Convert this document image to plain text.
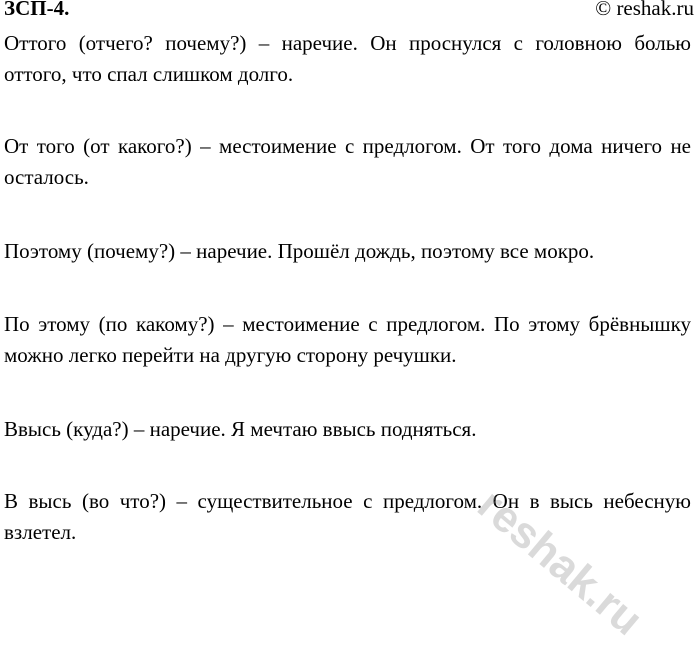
ЗСП-4.	© reshak.ru

Оттого (отчего? почему?) – наречие. Он проснулся с головною болью оттого, что спал слишком долго.

От того (от какого?) – местоимение с предлогом. От того дома ничего не осталось.

Поэтому (почему?) – наречие. Прошёл дождь, поэтому все мокро.

По этому (по какому?) – местоимение с предлогом. По этому брёвнышку можно легко перейти на другую сторону речушки.

Ввысь (куда?) – наречие. Я мечтаю ввысь подняться.

В высь (во что?) – существительное с предлогом. Он в высь небесную взлетел.	reshak.ru
